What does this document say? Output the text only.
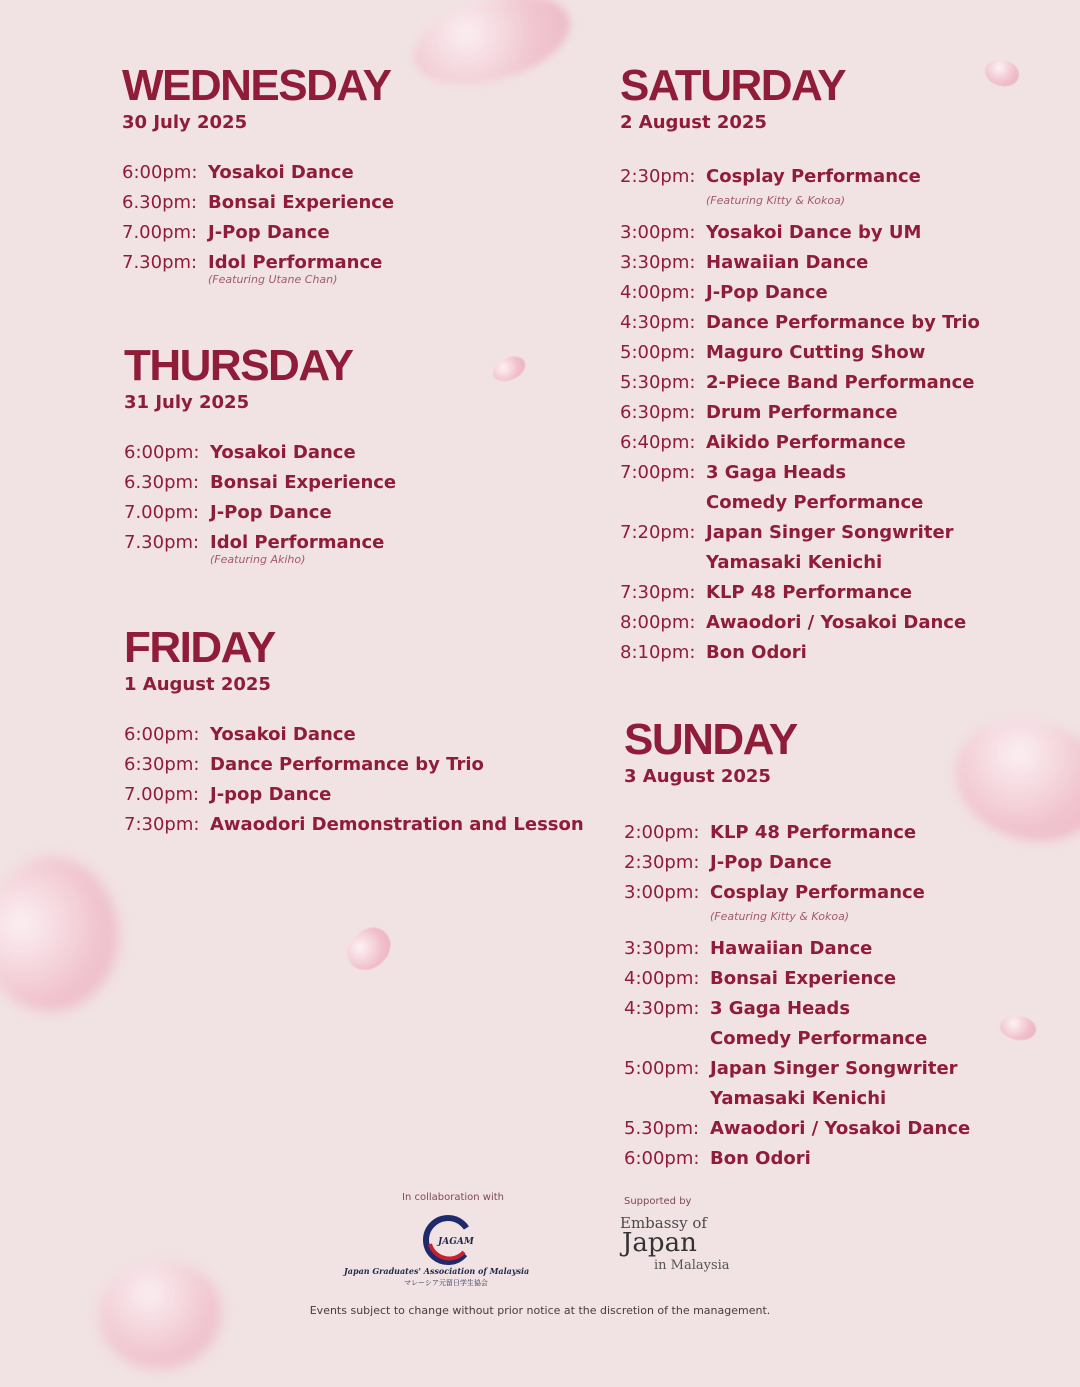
WEDNESDAY
30 July 2025
6:00pm: Yosakoi Dance
6.30pm: Bonsai Experience
7.00pm: J-Pop Dance
7.30pm: Idol Performance
(Featuring Utane Chan)
THURSDAY
31 July 2025
6:00pm: Yosakoi Dance
6.30pm: Bonsai Experience
7.00pm: J-Pop Dance
7.30pm: Idol Performance
(Featuring Akiho)
FRIDAY
1 August 2025
6:00pm: Yosakoi Dance
6:30pm: Dance Performance by Trio
7.00pm: J-pop Dance
7:30pm: Awaodori Demonstration and Lesson
SATURDAY
2 August 2025
2:30pm: Cosplay Performance
(Featuring Kitty & Kokoa)
3:00pm: Yosakoi Dance by UM
3:30pm: Hawaiian Dance
4:00pm: J-Pop Dance
4:30pm: Dance Performance by Trio
5:00pm: Maguro Cutting Show
5:30pm: 2-Piece Band Performance
6:30pm: Drum Performance
6:40pm: Aikido Performance
7:00pm: 3 Gaga Heads
Comedy Performance
7:20pm: Japan Singer Songwriter
Yamasaki Kenichi
7:30pm: KLP 48 Performance
8:00pm: Awaodori / Yosakoi Dance
8:10pm: Bon Odori
SUNDAY
3 August 2025
2:00pm: KLP 48 Performance
2:30pm: J-Pop Dance
3:00pm: Cosplay Performance
(Featuring Kitty & Kokoa)
3:30pm: Hawaiian Dance
4:00pm: Bonsai Experience
4:30pm: 3 Gaga Heads
Comedy Performance
5:00pm: Japan Singer Songwriter
Yamasaki Kenichi
5.30pm: Awaodori / Yosakoi Dance
6:00pm: Bon Odori
In collaboration with
JAGAM
Japan Graduates' Association of Malaysia
マレーシア元留日学生協会
Supported by
Embassy of
Japan
in Malaysia
Events subject to change without prior notice at the discretion of the management.
